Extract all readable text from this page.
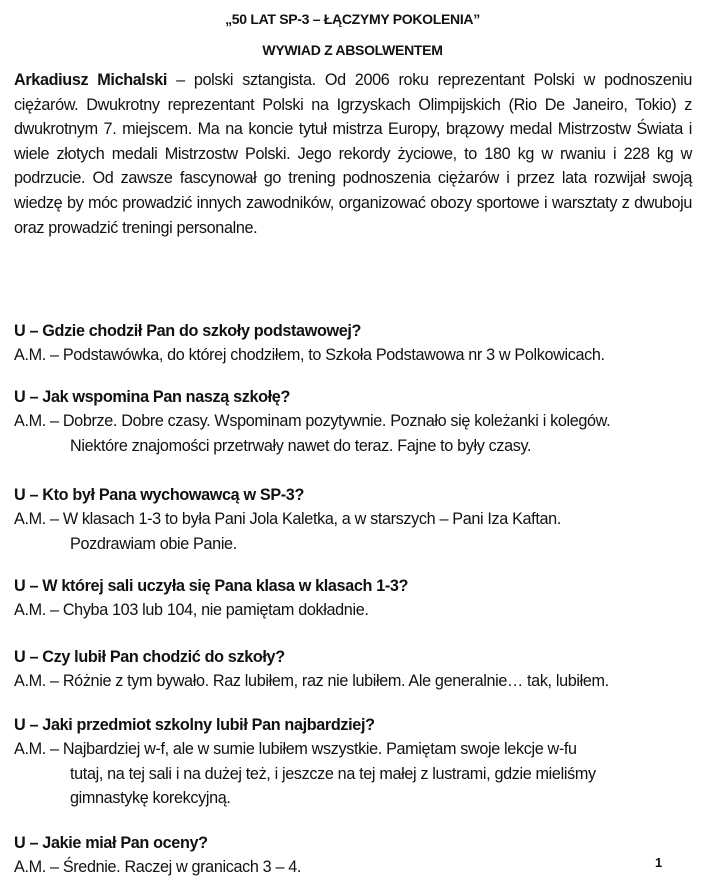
„50 LAT SP-3 – ŁĄCZYMY POKOLENIA”
WYWIAD Z ABSOLWENTEM
Arkadiusz Michalski – polski sztangista. Od 2006 roku reprezentant Polski w podnoszeniu ciężarów. Dwukrotny reprezentant Polski na Igrzyskach Olimpijskich (Rio De Janeiro, Tokio) z dwukrotnym 7. miejscem. Ma na koncie tytuł mistrza Europy, brązowy medal Mistrzostw Świata i wiele złotych medali Mistrzostw Polski. Jego rekordy życiowe, to 180 kg w rwaniu i 228 kg w podrzucie. Od zawsze fascynował go trening podnoszenia ciężarów i przez lata rozwijał swoją wiedzę by móc prowadzić innych zawodników, organizować obozy sportowe i warsztaty z dwuboju oraz prowadzić treningi personalne.
U – Gdzie chodził Pan do szkoły podstawowej?
A.M. – Podstawówka, do której chodziłem, to Szkoła Podstawowa nr 3 w Polkowicach.
U – Jak wspomina Pan naszą szkołę?
A.M. – Dobrze. Dobre czasy. Wspominam pozytywnie. Poznało się koleżanki i kolegów.
Niektóre znajomości przetrwały nawet do teraz. Fajne to były czasy.
U – Kto był Pana wychowawcą w SP-3?
A.M. – W klasach 1-3 to była Pani Jola Kaletka, a w starszych – Pani Iza Kaftan.
Pozdrawiam obie Panie.
U – W której sali uczyła się Pana klasa w klasach 1-3?
A.M. – Chyba 103 lub 104, nie pamiętam dokładnie.
U – Czy lubił Pan chodzić do szkoły?
A.M. – Różnie z tym bywało. Raz lubiłem, raz nie lubiłem. Ale generalnie… tak, lubiłem.
U – Jaki przedmiot szkolny lubił Pan najbardziej?
A.M. – Najbardziej w-f, ale w sumie lubiłem wszystkie. Pamiętam swoje lekcje w-fu
tutaj, na tej sali i na dużej też, i jeszcze na tej małej z lustrami, gdzie mieliśmy
gimnastykę korekcyjną.
U – Jakie miał Pan oceny?
A.M. – Średnie. Raczej w granicach 3 – 4.	1
